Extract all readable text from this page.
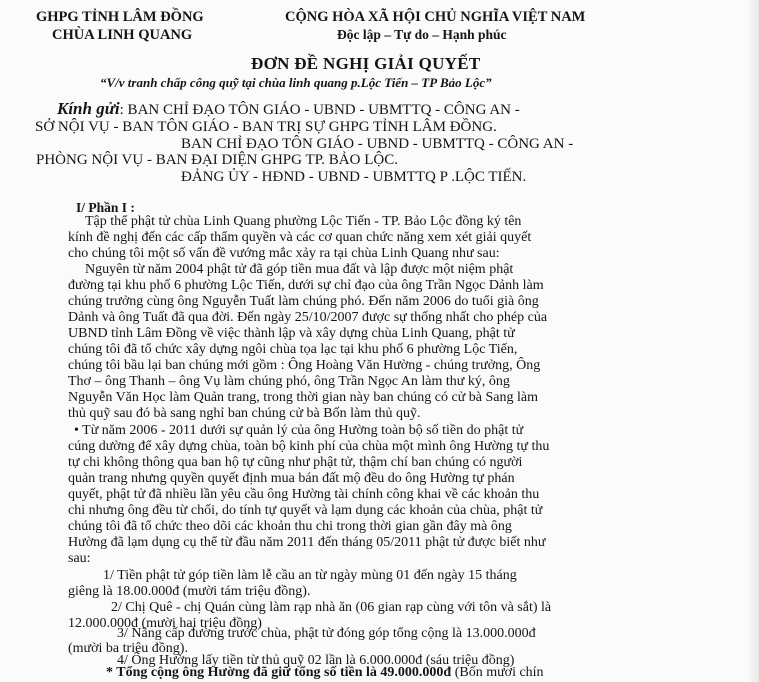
GHPG TỈNH LÂM ĐỒNG
CHÙA LINH QUANG
CỘNG HÒA XÃ HỘI CHỦ NGHĨA VIỆT NAM
Độc lập – Tự do – Hạnh phúc
ĐƠN ĐỀ NGHỊ GIẢI QUYẾT
“V/v tranh chấp công quỹ tại chùa linh quang p.Lộc Tiến – TP Bảo Lộc”
Kính gửi: BAN CHỈ ĐẠO TÔN GIÁO - UBND - UBMTTQ - CÔNG AN -
SỞ NỘI VỤ - BAN TÔN GIÁO - BAN TRỊ SỰ GHPG TỈNH LÂM ĐỒNG.
BAN CHỈ ĐẠO TÔN GIÁO - UBND - UBMTTQ - CÔNG AN -
PHÒNG NỘI VỤ - BAN ĐẠI DIỆN GHPG TP. BẢO LỘC.
ĐẢNG ỦY - HĐND - UBND - UBMTTQ P .LỘC TIẾN.
I/ Phần I :
Tập thể phật tử chùa Linh Quang phường Lộc Tiến - TP. Bảo Lộc đồng ký tên
kính đề nghị đến các cấp thẩm quyền và các cơ quan chức năng xem xét giải quyết
cho chúng tôi một số vấn đề vướng mắc xảy ra tại chùa Linh Quang như sau:
Nguyên từ năm 2004 phật tử đã góp tiền mua đất và lập được một niệm phật
đường tại khu phố 6 phường Lộc Tiến, dưới sự chỉ đạo của ông Trần Ngọc Dảnh làm
chúng trưởng cùng ông Nguyễn Tuất làm chúng phó. Đến năm 2006 do tuổi già ông
Dảnh và ông Tuất đã qua đời. Đến ngày 25/10/2007 được sự thống nhất cho phép của
UBND tỉnh Lâm Đồng về việc thành lập và xây dựng chùa Linh Quang, phật tử
chúng tôi đã tổ chức xây dựng ngôi chùa tọa lạc tại khu phố 6 phường Lộc Tiến,
chúng tôi bầu lại ban chúng mới gồm : Ông Hoàng Văn Hường - chúng trưởng, Ông
Thơ – ông Thanh – ông Vụ làm chúng phó, ông Trần Ngọc An làm thư ký, ông
Nguyễn Văn Học làm Quản trang, trong thời gian này ban chúng có cử bà Sang làm
thủ quỹ sau đó bà sang nghỉ ban chúng cử bà Bốn làm thủ quỹ.
• Từ năm 2006 - 2011 dưới sự quản lý của ông Hường toàn bộ số tiền do phật tử
cúng dường để xây dựng chùa, toàn bộ kinh phí của chùa một mình ông Hường tự thu
tự chi không thông qua ban hộ tự cũng như phật tử, thậm chí ban chúng có người
quản trang nhưng quyền quyết định mua bán đất mộ đều do ông Hường tự phán
quyết, phật tử đã nhiều lần yêu cầu ông Hường tài chính công khai về các khoản thu
chi nhưng ông đều từ chối, do tính tự quyết và lạm dụng các khoản của chùa, phật tử
chúng tôi đã tổ chức theo dõi các khoản thu chi trong thời gian gần đây mà ông
Hường đã lạm dụng cụ thể từ đầu năm 2011 đến tháng 05/2011 phật tử được biết như
sau:
1/ Tiền phật tử góp tiền làm lễ cầu an từ ngày mùng 01 đến ngày 15 tháng
giêng là 18.00.000đ (mười tám triệu đồng).
2/ Chị Quê - chị Quán cùng làm rạp nhà ăn (06 gian rạp cùng với tôn và sắt) là
12.000.000đ (mười hai triệu đồng)
3/ Nâng cấp đường trước chùa, phật tử đóng góp tổng cộng là 13.000.000đ
(mười ba triệu đồng).
4/ Ông Hường lấy tiền từ thủ quỹ 02 lần là 6.000.000đ (sáu triệu đồng)
* Tổng cộng ông Hường đã giữ tổng số tiền là 49.000.000đ (Bốn mươi chín
